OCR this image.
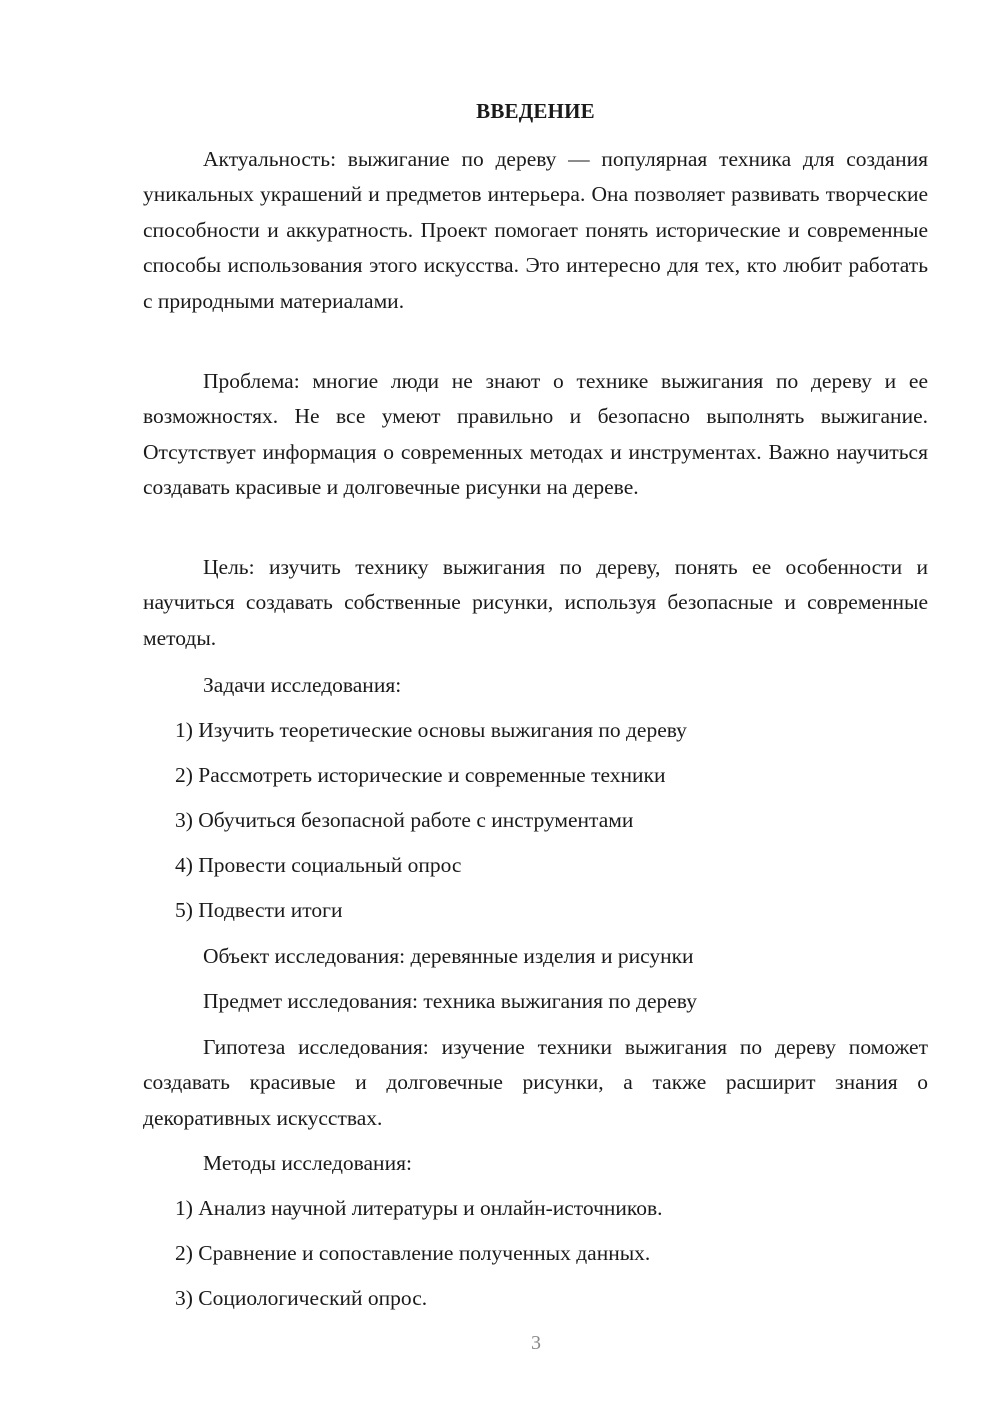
ВВЕДЕНИЕ

Актуальность: выжигание по дереву — популярная техника для создания уникальных украшений и предметов интерьера. Она позволяет развивать творческие способности и аккуратность. Проект помогает понять исторические и современные способы использования этого искусства. Это интересно для тех, кто любит работать с природными материалами.

Проблема: многие люди не знают о технике выжигания по дереву и ее возможностях. Не все умеют правильно и безопасно выполнять выжигание. Отсутствует информация о современных методах и инструментах. Важно научиться создавать красивые и долговечные рисунки на дереве.

Цель: изучить технику выжигания по дереву, понять ее особенности и научиться создавать собственные рисунки, используя безопасные и современные методы.

Задачи исследования:

1) Изучить теоретические основы выжигания по дереву

2) Рассмотреть исторические и современные техники

3) Обучиться безопасной работе с инструментами

4) Провести социальный опрос

5) Подвести итоги

Объект исследования: деревянные изделия и рисунки

Предмет исследования: техника выжигания по дереву

Гипотеза исследования: изучение техники выжигания по дереву поможет создавать красивые и долговечные рисунки, а также расширит знания о декоративных искусствах.

Методы исследования:

1) Анализ научной литературы и онлайн-источников.

2) Сравнение и сопоставление полученных данных.

3) Социологический опрос.

3
